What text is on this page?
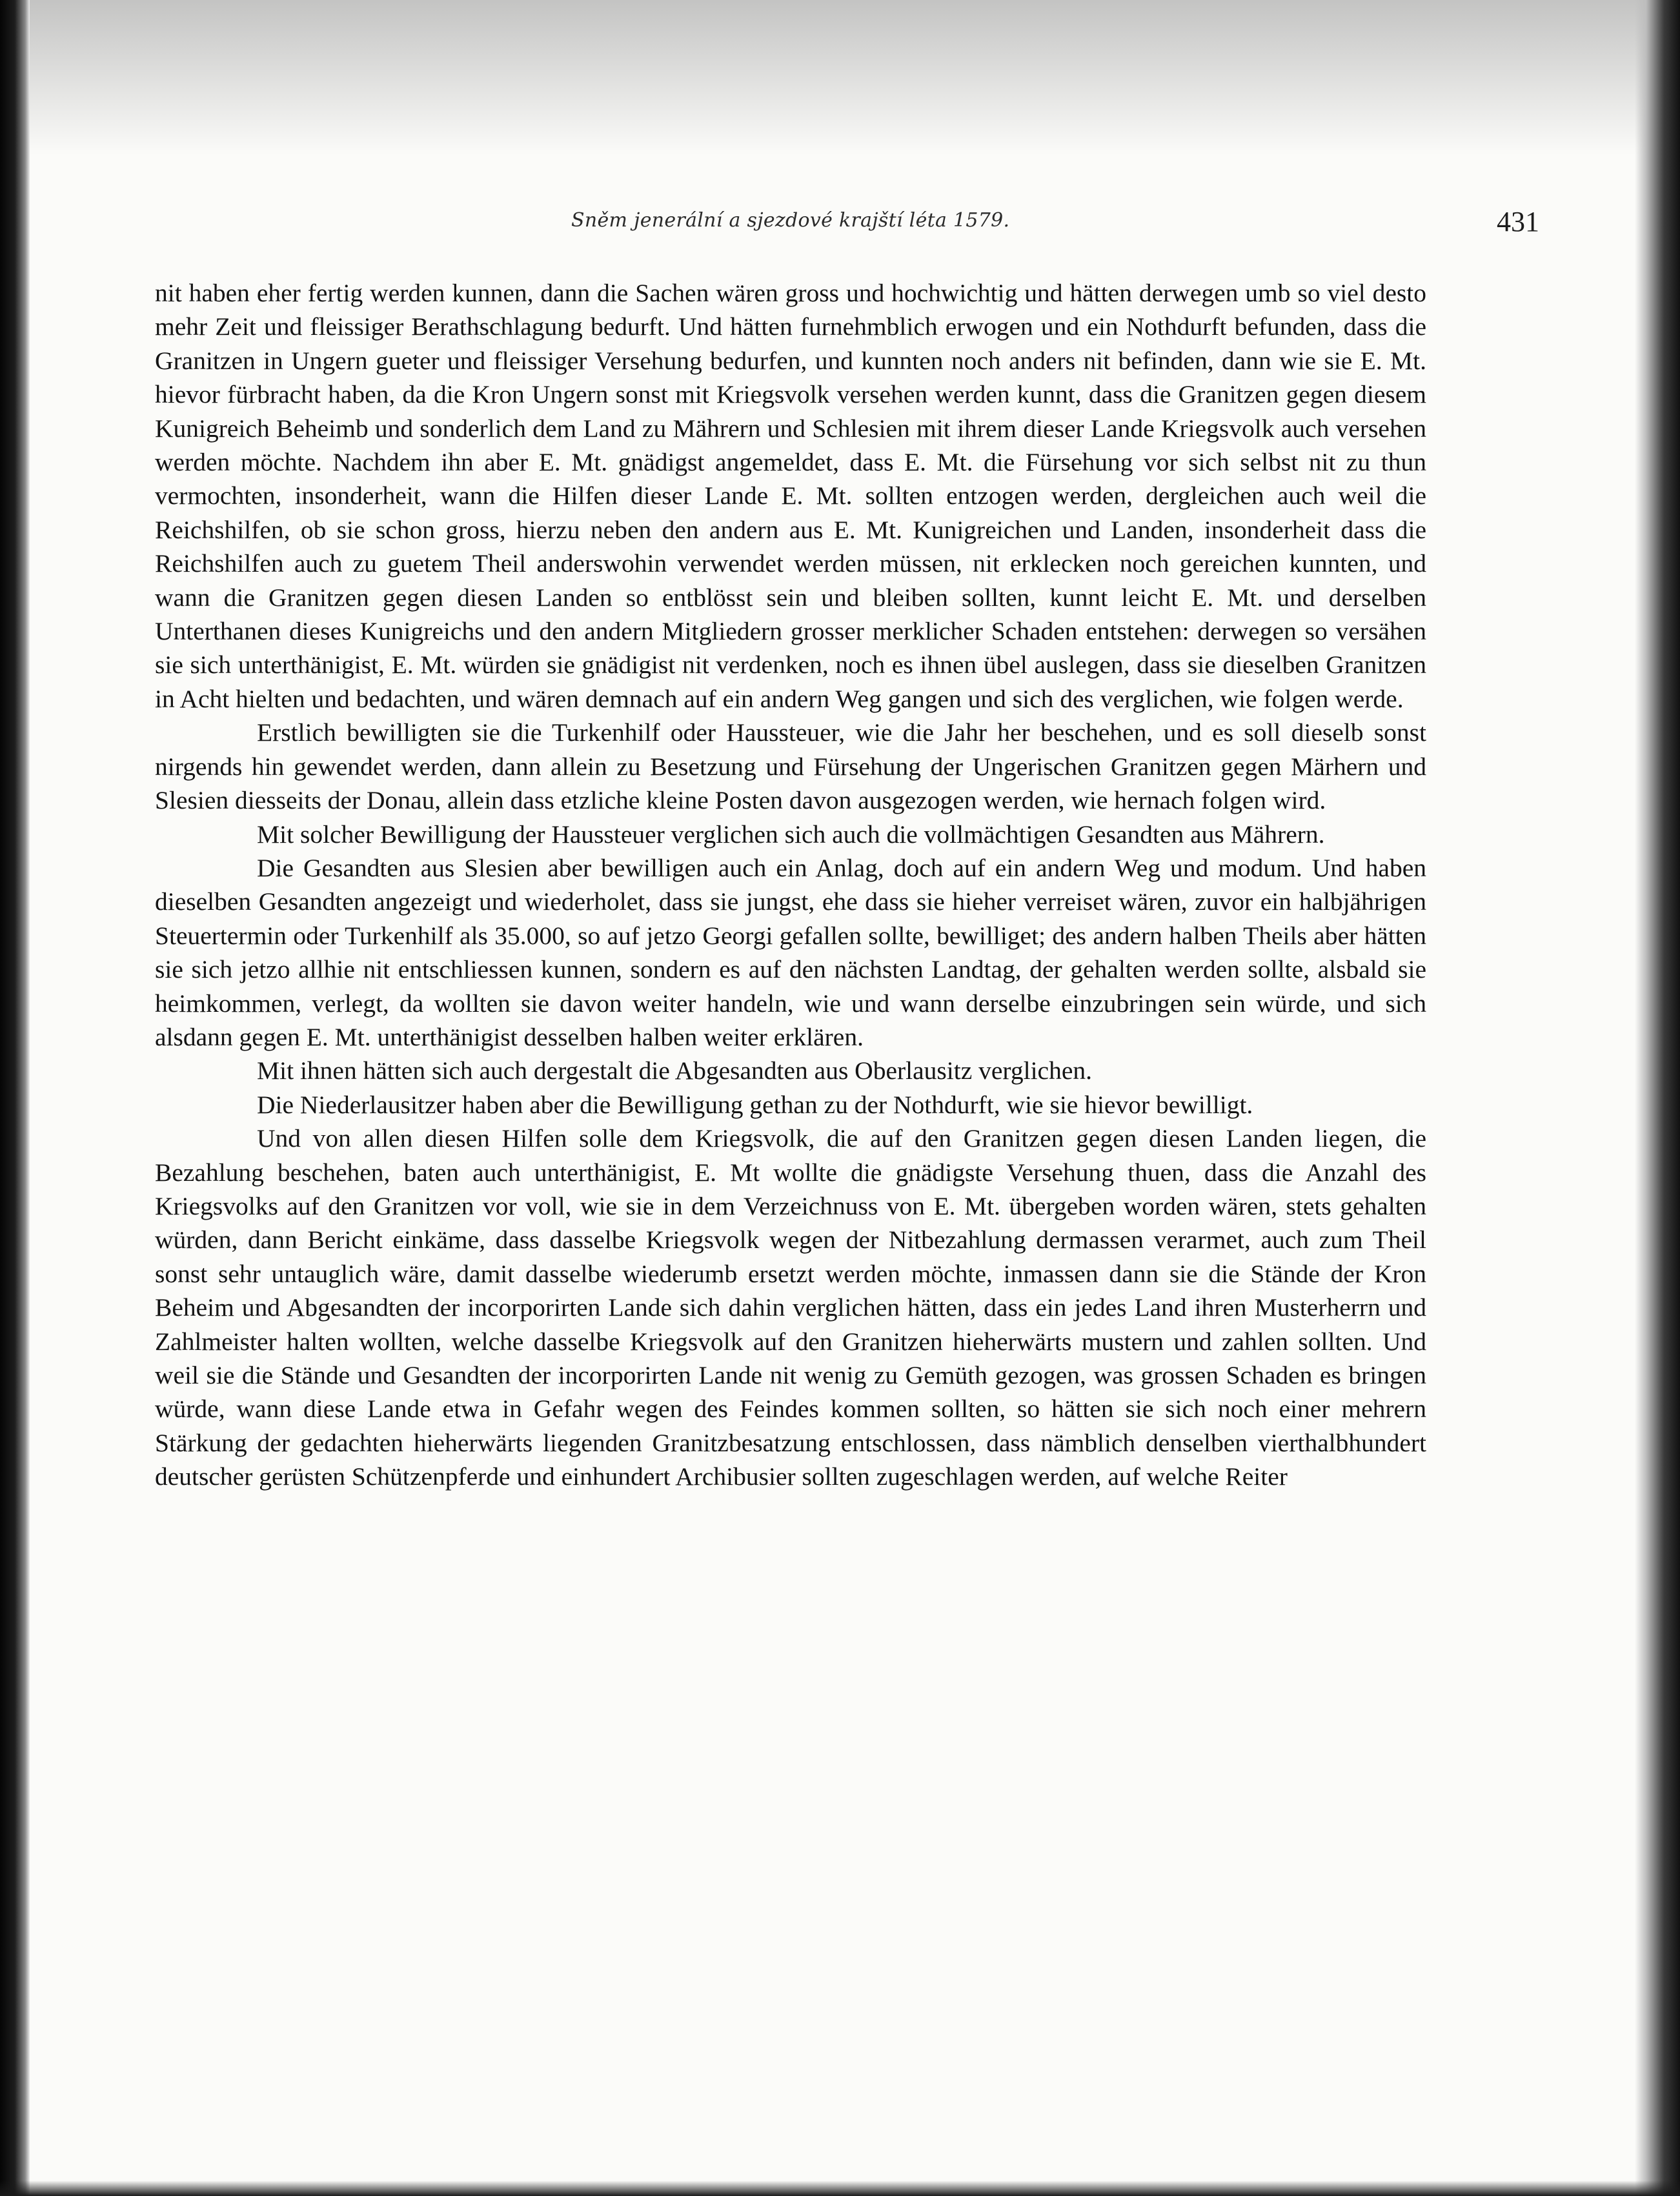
Sněm jenerální a sjezdové krajští léta 1579.	431

nit haben eher fertig werden kunnen, dann die Sachen wären gross und hochwichtig und hätten derwegen umb so viel desto mehr Zeit und fleissiger Berathschlagung bedurft. Und hätten furnehmblich erwogen und ein Nothdurft befunden, dass die Granitzen in Ungern gueter und fleissiger Versehung bedurfen, und kunnten noch anders nit befinden, dann wie sie E. Mt. hievor fürbracht haben, da die Kron Ungern sonst mit Kriegsvolk versehen werden kunnt, dass die Granitzen gegen diesem Kunigreich Beheimb und sonderlich dem Land zu Mährern und Schlesien mit ihrem dieser Lande Kriegsvolk auch versehen werden möchte. Nachdem ihn aber E. Mt. gnädigst angemeldet, dass E. Mt. die Fürsehung vor sich selbst nit zu thun vermochten, insonderheit, wann die Hilfen dieser Lande E. Mt. sollten entzogen werden, dergleichen auch weil die Reichshilfen, ob sie schon gross, hierzu neben den andern aus E. Mt. Kunigreichen und Landen, insonderheit dass die Reichshilfen auch zu guetem Theil anderswohin verwendet werden müssen, nit erklecken noch gereichen kunnten, und wann die Granitzen gegen diesen Landen so entblösst sein und bleiben sollten, kunnt leicht E. Mt. und derselben Unterthanen dieses Kunigreichs und den andern Mitgliedern grosser merklicher Schaden entstehen: derwegen so versähen sie sich unterthänigist, E. Mt. würden sie gnädigist nit verdenken, noch es ihnen übel auslegen, dass sie dieselben Granitzen in Acht hielten und bedachten, und wären demnach auf ein andern Weg gangen und sich des verglichen, wie folgen werde.

Erstlich bewilligten sie die Turkenhilf oder Haussteuer, wie die Jahr her beschehen, und es soll dieselb sonst nirgends hin gewendet werden, dann allein zu Besetzung und Fürsehung der Ungerischen Granitzen gegen Märhern und Slesien diesseits der Donau, allein dass etzliche kleine Posten davon ausgezogen werden, wie hernach folgen wird.

Mit solcher Bewilligung der Haussteuer verglichen sich auch die vollmächtigen Gesandten aus Mährern.

Die Gesandten aus Slesien aber bewilligen auch ein Anlag, doch auf ein andern Weg und modum. Und haben dieselben Gesandten angezeigt und wiederholet, dass sie jungst, ehe dass sie hieher verreiset wären, zuvor ein halbjährigen Steuertermin oder Turkenhilf als 35.000, so auf jetzo Georgi gefallen sollte, bewilliget; des andern halben Theils aber hätten sie sich jetzo allhie nit entschliessen kunnen, sondern es auf den nächsten Landtag, der gehalten werden sollte, alsbald sie heimkommen, verlegt, da wollten sie davon weiter handeln, wie und wann derselbe einzubringen sein würde, und sich alsdann gegen E. Mt. unterthänigist desselben halben weiter erklären.

Mit ihnen hätten sich auch dergestalt die Abgesandten aus Oberlausitz verglichen.

Die Niederlausitzer haben aber die Bewilligung gethan zu der Nothdurft, wie sie hievor bewilligt.

Und von allen diesen Hilfen solle dem Kriegsvolk, die auf den Granitzen gegen diesen Landen liegen, die Bezahlung beschehen, baten auch unterthänigist, E. Mt wollte die gnädigste Versehung thuen, dass die Anzahl des Kriegsvolks auf den Granitzen vor voll, wie sie in dem Verzeichnuss von E. Mt. übergeben worden wären, stets gehalten würden, dann Bericht einkäme, dass dasselbe Kriegsvolk wegen der Nitbezahlung dermassen verarmet, auch zum Theil sonst sehr untauglich wäre, damit dasselbe wiederumb ersetzt werden möchte, inmassen dann sie die Stände der Kron Beheim und Abgesandten der incorporirten Lande sich dahin verglichen hätten, dass ein jedes Land ihren Musterherrn und Zahlmeister halten wollten, welche dasselbe Kriegsvolk auf den Granitzen hieherwärts mustern und zahlen sollten. Und weil sie die Stände und Gesandten der incorporirten Lande nit wenig zu Gemüth gezogen, was grossen Schaden es bringen würde, wann diese Lande etwa in Gefahr wegen des Feindes kommen sollten, so hätten sie sich noch einer mehrern Stärkung der gedachten hieherwärts liegenden Granitzbesatzung entschlossen, dass nämblich denselben vierthalbhundert deutscher gerüsten Schützenpferde und einhundert Archibusier sollten zugeschlagen werden, auf welche Reiter
